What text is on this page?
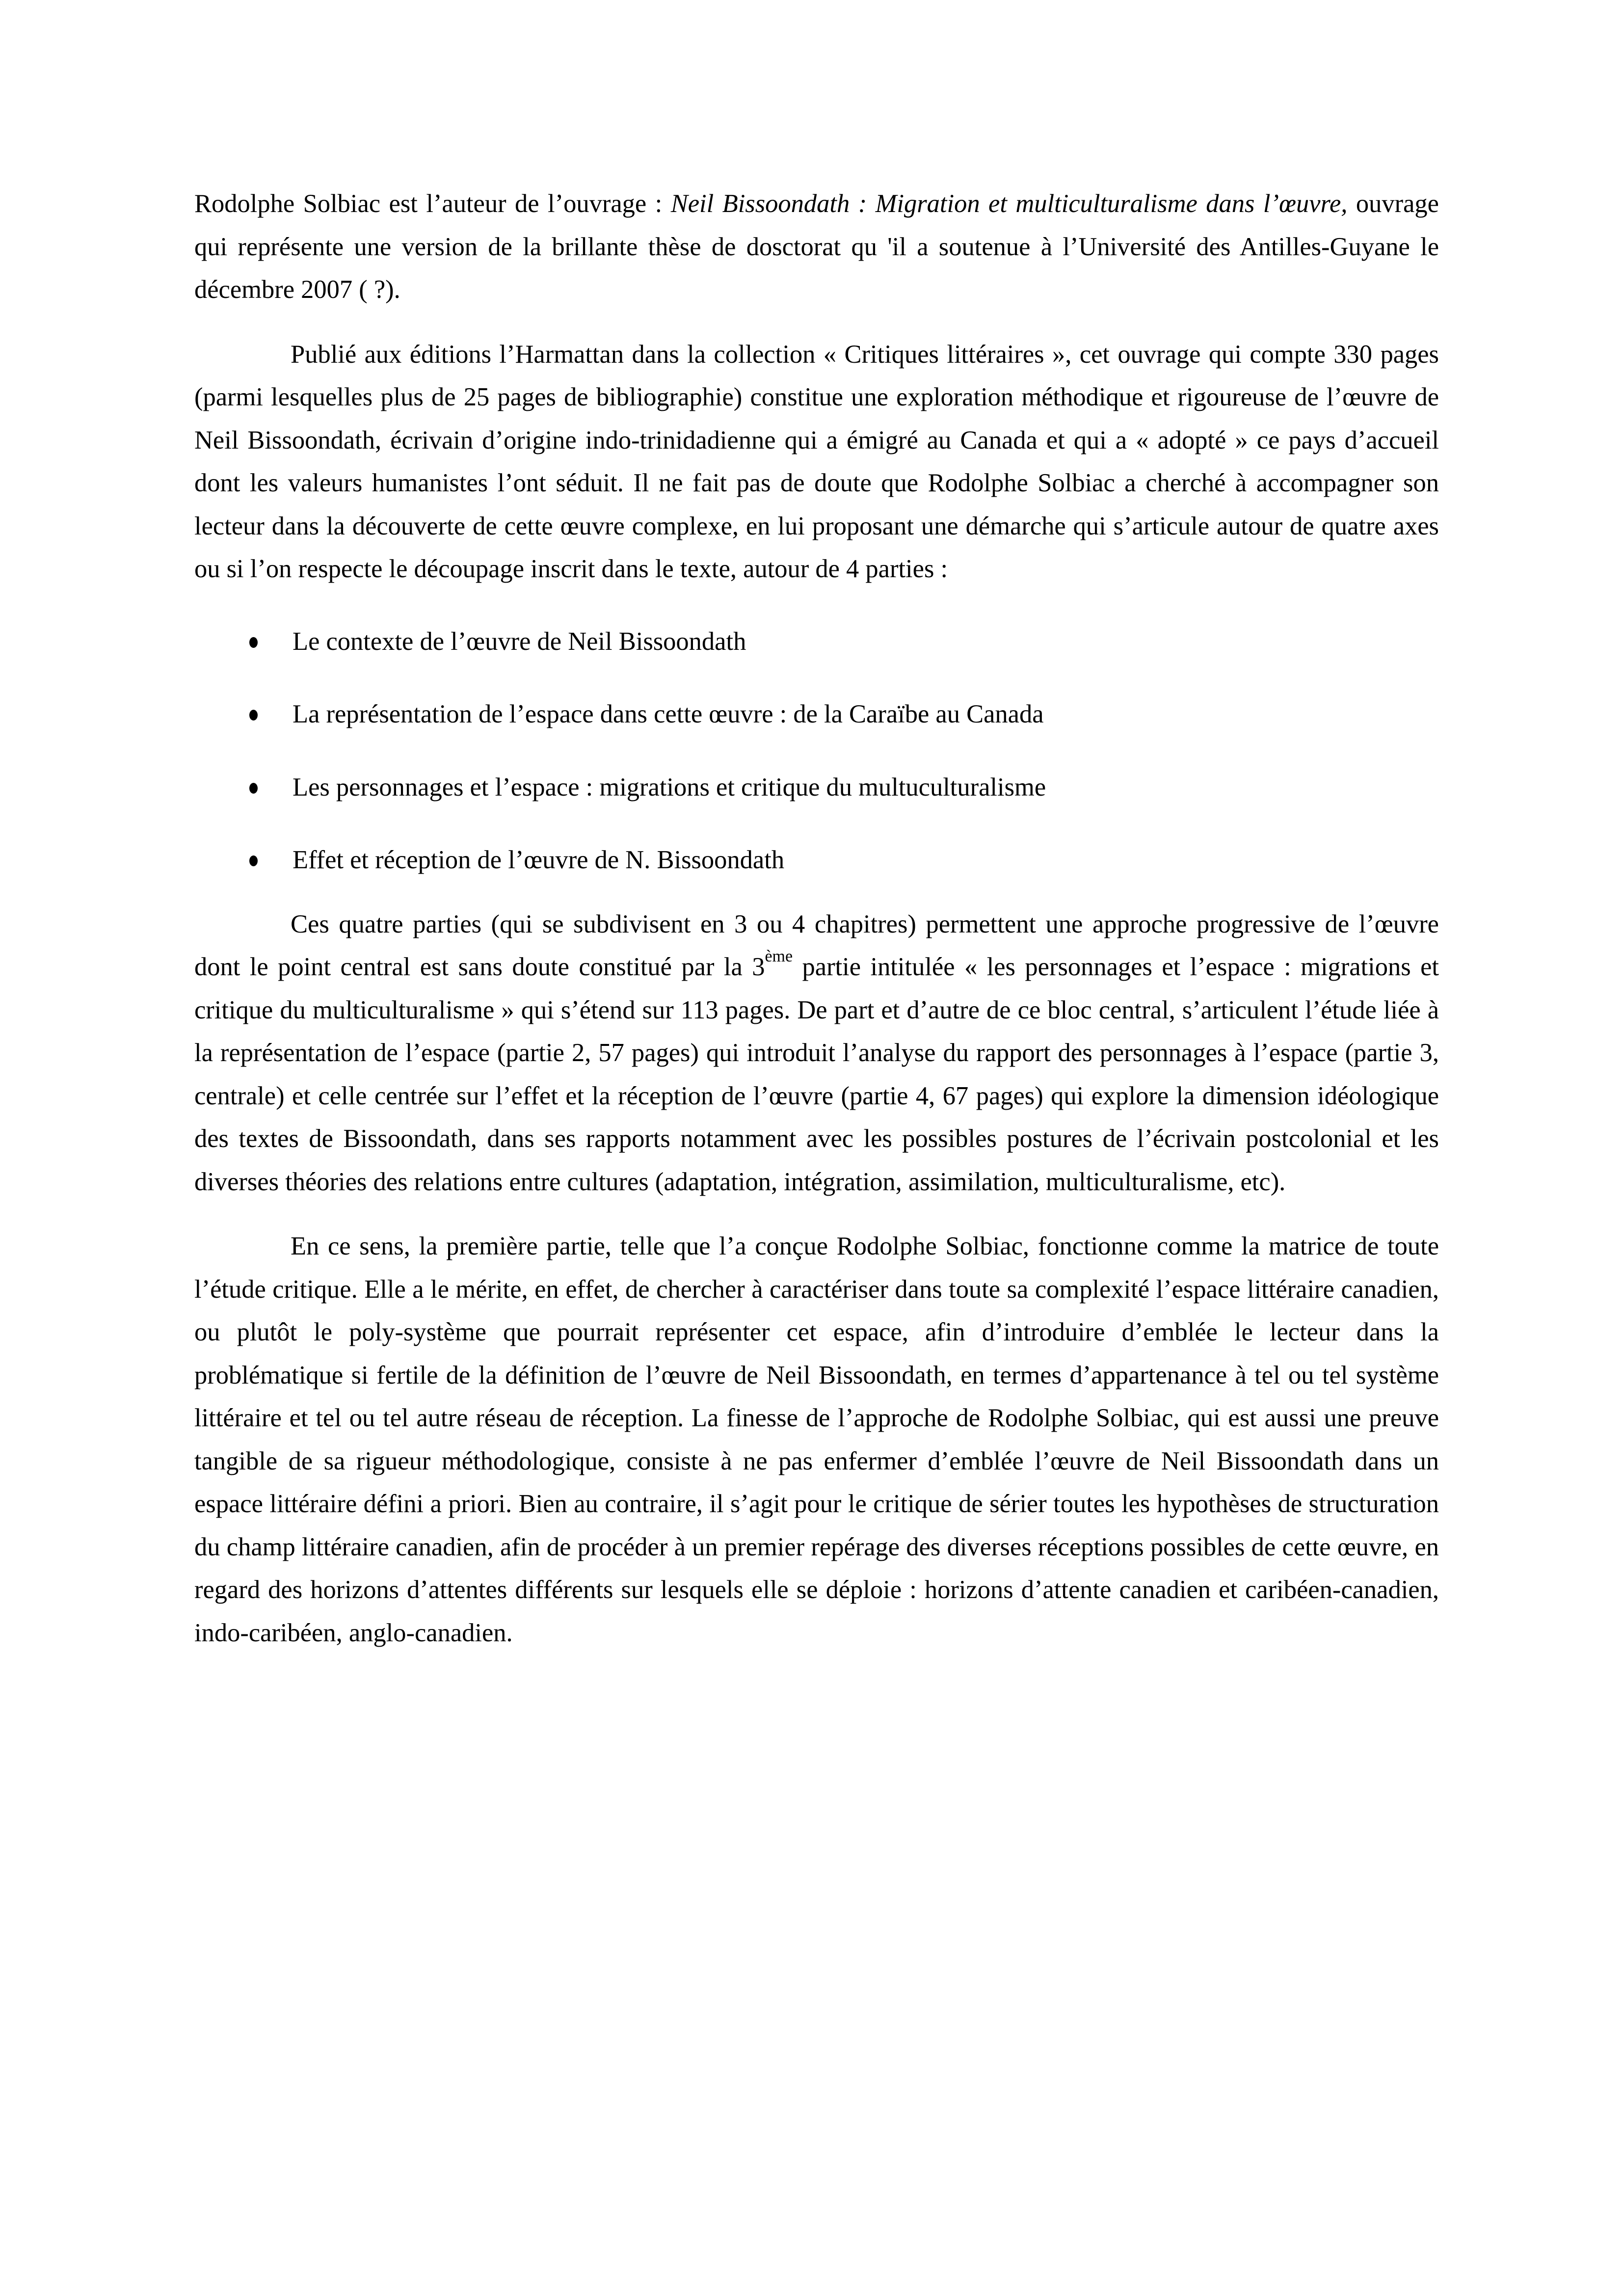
Rodolphe Solbiac est l’auteur de l’ouvrage : Neil Bissoondath : Migration et multiculturalisme dans l’œuvre, ouvrage qui représente une version de la brillante thèse de dosctorat qu 'il a soutenue à l’Université des Antilles-Guyane le décembre 2007 ( ?).

Publié aux éditions l’Harmattan dans la collection « Critiques littéraires », cet ouvrage qui compte 330 pages (parmi lesquelles plus de 25 pages de bibliographie) constitue une exploration méthodique et rigoureuse de l’œuvre de Neil Bissoondath, écrivain d’origine indo-trinidadienne qui a émigré au Canada et qui a « adopté » ce pays d’accueil dont les valeurs humanistes l’ont séduit. Il ne fait pas de doute que Rodolphe Solbiac a cherché à accompagner son lecteur dans la découverte de cette œuvre complexe, en lui proposant une démarche qui s’articule autour de quatre axes ou si l’on respecte le découpage inscrit dans le texte, autour de 4 parties :

Le contexte de l’œuvre de Neil Bissoondath
La représentation de l’espace dans cette œuvre : de la Caraïbe au Canada
Les personnages et l’espace : migrations et critique du multuculturalisme
Effet et réception de l’œuvre de N. Bissoondath

Ces quatre parties (qui se subdivisent en 3 ou 4 chapitres) permettent une approche progressive de l’œuvre dont le point central est sans doute constitué par la 3ème partie intitulée « les personnages et l’espace : migrations et critique du multiculturalisme » qui s’étend sur 113 pages. De part et d’autre de ce bloc central, s’articulent l’étude liée à la représentation de l’espace (partie 2, 57 pages) qui introduit l’analyse du rapport des personnages à l’espace (partie 3, centrale) et celle centrée sur l’effet et la réception de l’œuvre (partie 4, 67 pages) qui explore la dimension idéologique des textes de Bissoondath, dans ses rapports notamment avec les possibles postures de l’écrivain postcolonial et les diverses théories des relations entre cultures (adaptation, intégration, assimilation, multiculturalisme, etc).

En ce sens, la première partie, telle que l’a conçue Rodolphe Solbiac, fonctionne comme la matrice de toute l’étude critique. Elle a le mérite, en effet, de chercher à caractériser dans toute sa complexité l’espace littéraire canadien, ou plutôt le poly-système que pourrait représenter cet espace, afin d’introduire d’emblée le lecteur dans la problématique si fertile de la définition de l’œuvre de Neil Bissoondath, en termes d’appartenance à tel ou tel système littéraire et tel ou tel autre réseau de réception. La finesse de l’approche de Rodolphe Solbiac, qui est aussi une preuve tangible de sa rigueur méthodologique, consiste à ne pas enfermer d’emblée l’œuvre de Neil Bissoondath dans un espace littéraire défini a priori. Bien au contraire, il s’agit pour le critique de sérier toutes les hypothèses de structuration du champ littéraire canadien, afin de procéder à un premier repérage des diverses réceptions possibles de cette œuvre, en regard des horizons d’attentes différents sur lesquels elle se déploie : horizons d’attente canadien et caribéen-canadien, indo-caribéen, anglo-canadien.
